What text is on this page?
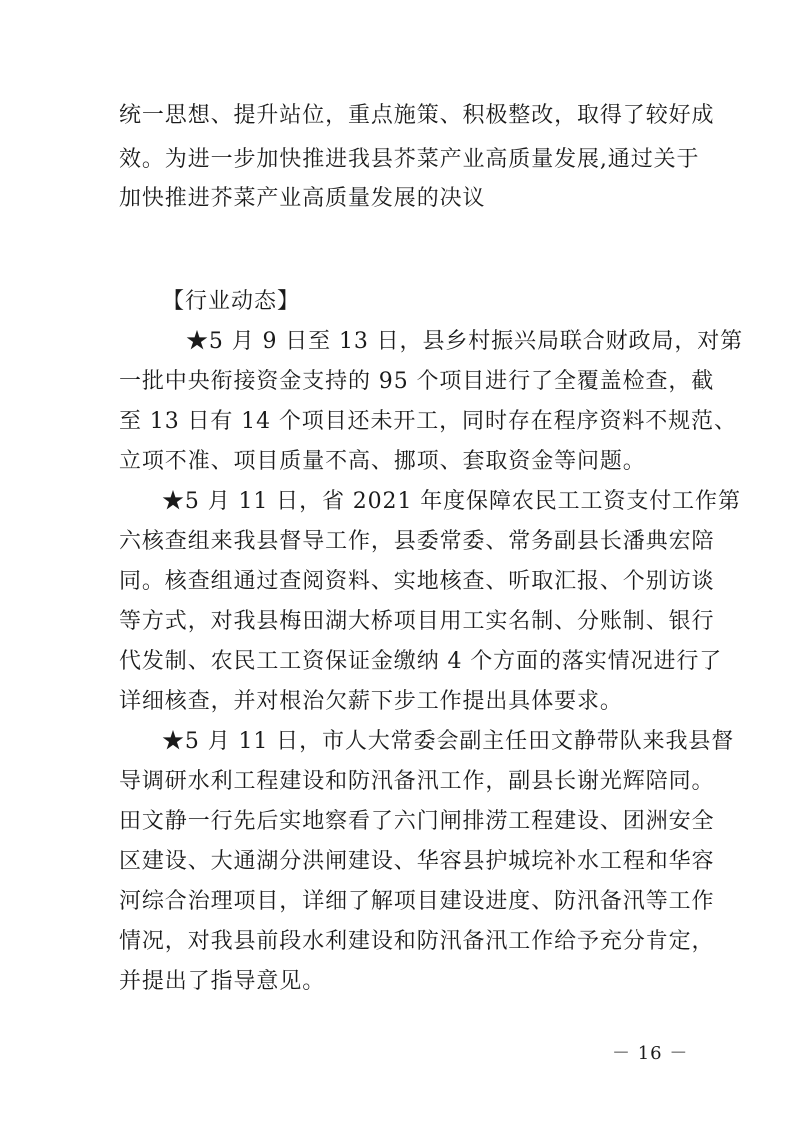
统一思想、提升站位，重点施策、积极整改，取得了较好成

效。为进一步加快推进我县芥菜产业高质量发展,通过关于

加快推进芥菜产业高质量发展的决议

【行业动态】

★5 月 9 日至 13 日，县乡村振兴局联合财政局，对第

一批中央衔接资金支持的 95 个项目进行了全覆盖检查，截

至 13 日有 14 个项目还未开工，同时存在程序资料不规范、

立项不准、项目质量不高、挪项、套取资金等问题。

★5 月 11 日，省 2021 年度保障农民工工资支付工作第

六核查组来我县督导工作，县委常委、常务副县长潘典宏陪

同。核查组通过查阅资料、实地核查、听取汇报、个别访谈

等方式，对我县梅田湖大桥项目用工实名制、分账制、银行

代发制、农民工工资保证金缴纳 4 个方面的落实情况进行了

详细核查，并对根治欠薪下步工作提出具体要求。

★5 月 11 日，市人大常委会副主任田文静带队来我县督

导调研水利工程建设和防汛备汛工作，副县长谢光辉陪同。

田文静一行先后实地察看了六门闸排涝工程建设、团洲安全

区建设、大通湖分洪闸建设、华容县护城垸补水工程和华容

河综合治理项目，详细了解项目建设进度、防汛备汛等工作

情况，对我县前段水利建设和防汛备汛工作给予充分肯定，

并提出了指导意见。

－ 16 －
